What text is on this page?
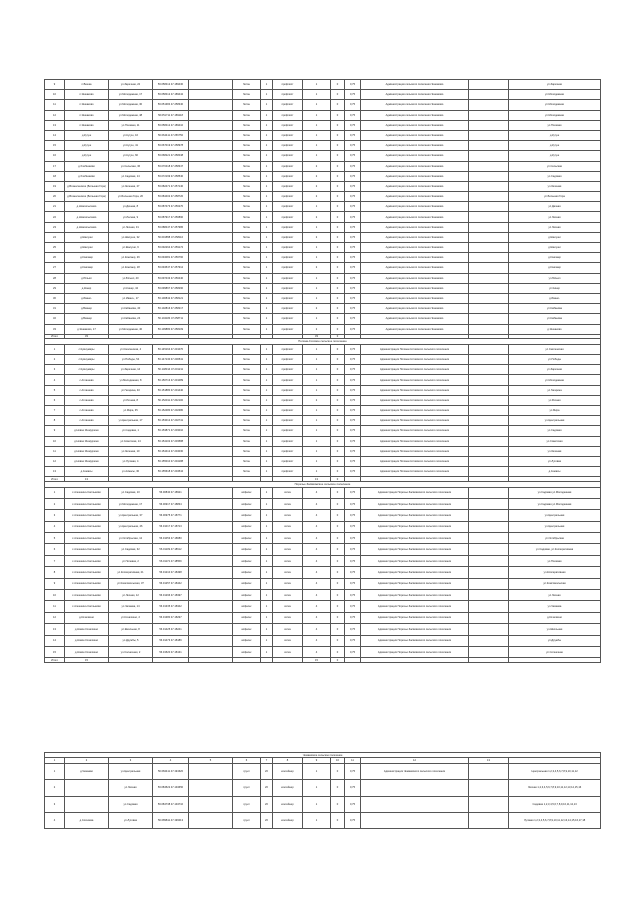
9	п.Вешка	ул.Заречная, 22	56.058412 47.189430		бетон	1	профлист	1	0	0,75	Администрация сельского поселения Эшкаково		ул.Заречная
10	п.Эшкаково	ул.Молодежная, 17	56.058412 47.189442		бетон	1	профлист	1	0	0,75	Администрация сельского поселения Эшкаково		ул.Молодежная
11	п.Эшкаково	ул.Молодежная, 30	56.051384 47.258340		бетон	1	профлист	1	0	0,75	Администрация сельского поселения Эшкаково		ул.Молодежная
12	п.Эшкаково	ул.Молодежная, 48	56.051711 47.189118		бетон	1	профлист	1	0	0,75	Администрация сельского поселения Эшкаково		ул.Молодежная
13	п.Эшкаково	ул.Полевая, 11	56.058412 47.189410		бетон	1	профлист	1	0	0,75	Администрация сельского поселения Эшкаково		ул.Полевая
14	д.Кугуш	ул.Кугуш, 16	56.064411 47.256750		бетон	1	профлист	1	0	0,75	Администрация сельского поселения Эшкаково		д.Кугуш
15	д.Кугуш	ул.Кугуш, 41	56.067019 47.258978		бетон	1	профлист	1	0	0,75	Администрация сельского поселения Эшкаково		д.Кугуш
16	д.Кугуш	ул.Кугуш, 60	56.068221 47.258438		бетон	1	профлист	1	0	0,75	Администрация сельского поселения Эшкаково		д.Кугуш
17	д.Хлебниково	ул.Сельская, 36	56.070418 47.258347		бетон	1	профлист	2	0	0,75	Администрация сельского поселения Эшкаково		ул.Сельская
18	д.Хлебниково	ул.Садовая, 14	56.072199 47.258540		бетон	1	профлист	2	0	0,75	Администрация сельского поселения Эшкаково		ул.Садовая
19	д.Вознесенское (Большая Гора)	ул.Зеленая, 27	56.082471 47.257140		бетон	1	профлист	2	0	0,75	Администрация сельского поселения Эшкаково		ул.Зеленая
20	д.Вознесенское (Большая Гора)	ул.Большая Гора, 20	56.084402 47.258720		бетон	1	профлист	2	0	0,75	Администрация сельского поселения Эшкаково		ул.Большая Гора
21	д.Новоильичево	ул.Дачная, 8	56.087473 47.256270		бетон	1	профлист	1	0	0,75	Администрация сельского поселения Эшкаково		ул.Дачная
22	д.Новоильичево	ул.Лесная, 9	56.087917 47.256890		бетон	1	профлист	2	0	0,75	Администрация сельского поселения Эшкаково		ул.Лесная
23	д.Новоильичево	ул.Лесная, 31	56.088447 47.257986		бетон	1	профлист	1	0	0,75	Администрация сельского поселения Эшкаково		ул.Лесная
24	д.Шалуши	ул.Шалуши, 32	56.091858 47.258110		бетон	1	профлист	2	0	0,75	Администрация сельского поселения Эшкаково		д.Шалуши
25	д.Шалуши	ул.Шалуши, 9	56.092264 47.259172		бетон	1	профлист	1	0	0,75	Администрация сельского поселения Эшкаково		д.Шалуши
26	д.Кожлаер	ул.Кожлаер, 26	56.094081 47.256760		бетон	1	профлист	1	0	0,75	Администрация сельского поселения Эшкаково		д.Кожлаер
27	д.Кожлаер	ул.Кожлаер, 18	56.094547 47.257912		бетон	1	профлист	2	0	0,75	Администрация сельского поселения Эшкаково		д.Кожлаер
28	д.Юльял	ул.Юльял, 40	56.097433 47.256440		бетон	1	профлист	1	0	0,75	Администрация сельского поселения Эшкаково		ул.Юльял
29	д.Кинер	ул.Кинер, 42	56.099867 47.258290		бетон	1	профлист	1	0	0,75	Администрация сельского поселения Эшкаково		ул.Кинер
30	д.Ивано-	ул.Ивано-, 17	56.100842 47.258121		бетон	1	профлист	1	0	0,75	Администрация сельского поселения Эшкаково		д.Ивано-
31	д.Вазнер	ул.Кабанова, 40	56.102816 47.258217		бетон	1	профлист	2	0	0,75	Администрация сельского поселения Эшкаково		ул.Кабанова
32	д.Вазнер	ул.Кабанова, 24	56.104184 47.258711		бетон	1	профлист	1	0	0,75	Администрация сельского поселения Эшкаково		ул.Кабанова
33	д.Эшкаково, 17	ул.Молодежная, 40	56.109880 47.258109		бетон	1	профлист	2	0	0,75	Администрация сельского поселения Эшкаково		д.Эшкаково
Итого	33							33	0				
Поляна-Сотовое сельское поселение													
1	с.Кукшумары	ул.Смоленская, 4	56.145164 47.201070		бетон	1	профлист	1	0	0,75	Администрация Поляна-Сотовского сельского поселения		ул.Смоленская
2	с.Кукшумары	ул.Победы, 54	56.147130 47.200541		бетон	1	профлист	1	0	0,75	Администрация Поляна-Сотовского сельского поселения		ул.Победы
3	с.Кукшумары	ул.Заречная, 14	56.148314 47.201211		бетон	1	профлист	1	0	0,75	Администрация Поляна-Сотовского сельского поселения		ул.Заречная
4	с.Атлашево	ул.Молодежная, 8	56.150713 47.201089		бетон	1	профлист	1	0	0,75	Администрация Поляна-Сотовского сельского поселения		ул.Молодежная
5	с.Атлашево	ул.Гагарина, 40	56.151880 47.201440		бетон	1	профлист	1	0	0,75	Администрация Поляна-Сотовского сельского поселения		ул.Гагарина
6	с.Атлашево	ул.Речная, 8	56.152011 47.202100		бетон	1	профлист	2	0	0,75	Администрация Поляна-Сотовского сельского поселения		ул.Речная
7	с.Атлашево	ул.Мира, 35	56.152480 47.202380		бетон	1	профлист	1	0	0,75	Администрация Поляна-Сотовского сельского поселения		ул.Мира
8	с.Атлашево	ул.Центральная, 17	56.153012 47.202741		бетон	1	профлист	1	0	0,75	Администрация Поляна-Сотовского сельского поселения		ул.Центральная
9	д.Новое Ишмурзино	ул.Садовая, 1	56.153871 47.203010		бетон	1	профлист	1	0	0,75	Администрация Поляна-Сотовского сельского поселения		ул.Садовая
10	д.Новое Ишмурзино	ул.Советская, 14	56.154102 47.203588		бетон	1	профлист	1	0	0,75	Администрация Поляна-Сотовского сельского поселения		ул.Советская
11	д.Новое Ишмурзино	ул.Зеленая, 10	56.154412 47.204030		бетон	1	профлист	1	0	0,75	Администрация Поляна-Сотовского сельского поселения		ул.Зеленая
12	д.Новое Ишмурзино	ул.Луговая, 4	56.155010 47.204188		бетон	1	профлист	1	0	0,75	Администрация Поляна-Сотовского сельского поселения		ул.Луговая
13	д.Ахмасы	ул.Ахмасы, 30	56.155618 47.204544		бетон	1	профлист	1	0	0,75	Администрация Поляна-Сотовского сельского поселения		д.Ахмасы
Итого	13							13	0				
Поречье Засвияжское сельское поселение													
1	с.Алешкино-Саплыково	ул.Садовая, 10	56.00840 47.18921		асфальт	1	сетка	4	0	0,75	Администрация Поречье Засвияжского сельского поселения		ул.Садовая ул.Молодежная
2	с.Алешкино-Саплыково	ул.Молодежная, 17	56.00917 47.18834		асфальт	1	сетка	4	0	0,75	Администрация Поречье Засвияжского сельского поселения		ул.Садовая ул.Молодежная
3	с.Алешкино-Саплыково	ул.Центральная, 37	56.00975 47.18771		асфальт	1	сетка	4	0	0,75	Администрация Поречье Засвияжского сельского поселения		ул.Центральная
4	с.Алешкино-Саплыково	ул.Центральная, 46	56.01017 47.18713		асфальт	1	сетка	4	0	0,75	Администрация Поречье Засвияжского сельского поселения		ул.Центральная
5	с.Алешкино-Саплыково	ул.Октябрьская, 12	56.01053 47.18680		асфальт	1	сетка	4	0	0,75	Администрация Поречье Засвияжского сельского поселения		ул.Октябрьская
6	с.Алешкино-Саплыково	ул.Садовая, 32	56.01109 47.18612		асфальт	1	сетка	4	0	0,75	Администрация Поречье Засвияжского сельского поселения		ул.Садовая, ул.Кооперативная
7	с.Алешкино-Саплыково	ул.Полевая, 2	56.01172 47.18559		асфальт	1	сетка	4	0	0,75	Администрация Поречье Засвияжского сельского поселения		ул.Полевая
8	с.Алешкино-Саплыково	ул.Кооперативная, 21	56.01210 47.18498		асфальт	1	сетка	4	0	0,75	Администрация Поречье Засвияжского сельского поселения		ул.Кооперативная
9	с.Алешкино-Саплыково	ул.Комсомольская, 37	56.01257 47.18442		асфальт	1	сетка	4	0	0,75	Администрация Поречье Засвияжского сельского поселения		ул.Комсомольская
10	с.Алешкино-Саплыково	ул.Лесная, 12	56.01296 47.18397		асфальт	1	сетка	4	0	0,75	Администрация Поречье Засвияжского сельского поселения		ул.Лесная
11	с.Алешкино-Саплыково	ул.Чапаева, 14	56.01335 47.18342		асфальт	1	сетка	4	0	0,75	Администрация Поречье Засвияжского сельского поселения		ул.Чапаева
12	д.Кочалкино	ул.Кочалкино, 2	56.01380 47.18297		асфальт	1	сетка	4	0	0,75	Администрация Поречье Засвияжского сельского поселения		д.Кочалкино
13	д.Новое Кочалкино	ул.Школьная, 8	56.01425 47.18241		асфальт	1	сетка	4	0	0,75	Администрация Поречье Засвияжского сельского поселения		ул.Школьная
14	д.Новое Кочалкино	ул.Дружбы, 5	56.01473 47.18186		асфальт	1	сетка	4	0	0,75	Администрация Поречье Засвияжского сельского поселения		ул.Дружбы
15	д.Новое Кочалкино	ул.Солнечная, 2	56.01520 47.18131		асфальт	1	сетка	4	0	0,75	Администрация Поречье Засвияжского сельского поселения		ул.Солнечная
Итого	15							15	0				
Чемаевское сельское поселение													
1	2	3	4	5	6	7	8	9	10	11	12	13	
1	д.Чемаево	ул.Центральная	56.084411 47.194620		грунт	20	контейнер	1	0	0,75	Администрация Чемаевского сельского поселения		Центральная 1,2,3,4,5,6,7,8,9,10,11,12
2		ул.Лесная	56.084522 47.194650		грунт	20	контейнер	1	0	0,75			Лесная 1,2,3,4,5,6,7,8,9,10,11,12,13,14,15,16
3		ул.Садовая	56.084738 47.194710		грунт	20	контейнер	1	0	0,75			Садовая 1,2,3,4,5,6,7,8,9,10,11,12,13
4	д.Сосновка	ул.Луговая	56.089811 47.199013		грунт	20	контейнер	1	0	0,75			Луговая 1,2,3,4,5,6,7,8,9,10,11,12,13,14,15,16,17,18
